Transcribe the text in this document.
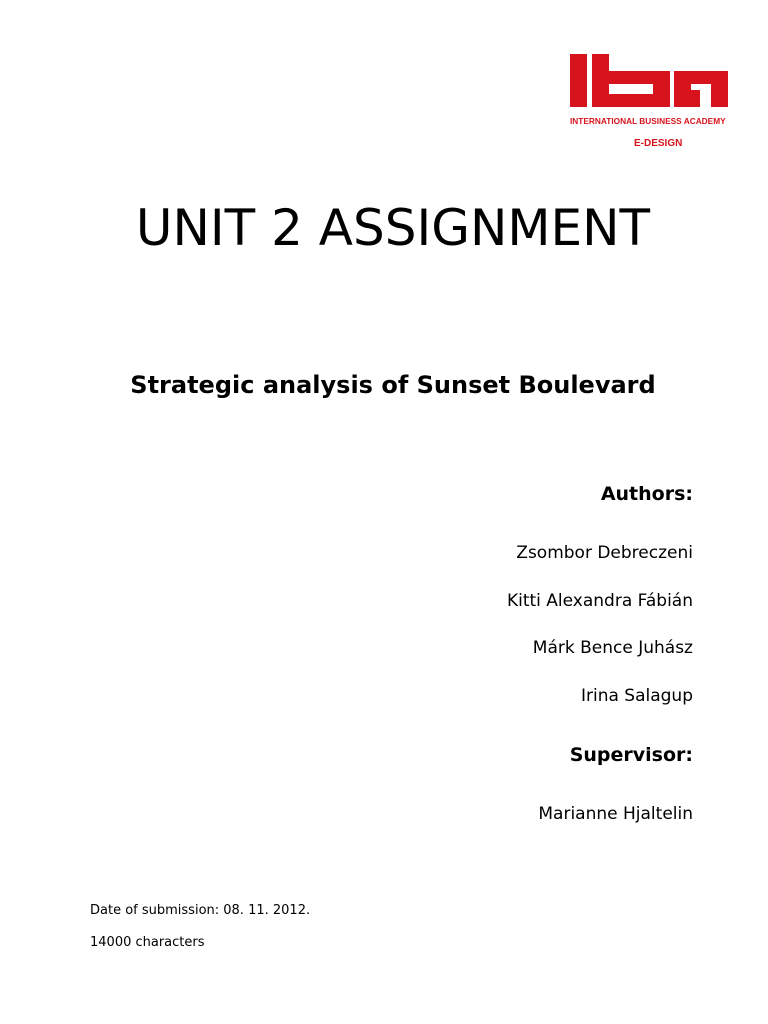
INTERNATIONAL BUSINESS ACADEMY
E-DESIGN
UNIT 2 ASSIGNMENT
Strategic analysis of Sunset Boulevard

Authors:

Zsombor Debreczeni

Kitti Alexandra Fábián

Márk Bence Juhász

Irina Salagup

Supervisor:

Marianne Hjaltelin

Date of submission: 08. 11. 2012.

14000 characters
